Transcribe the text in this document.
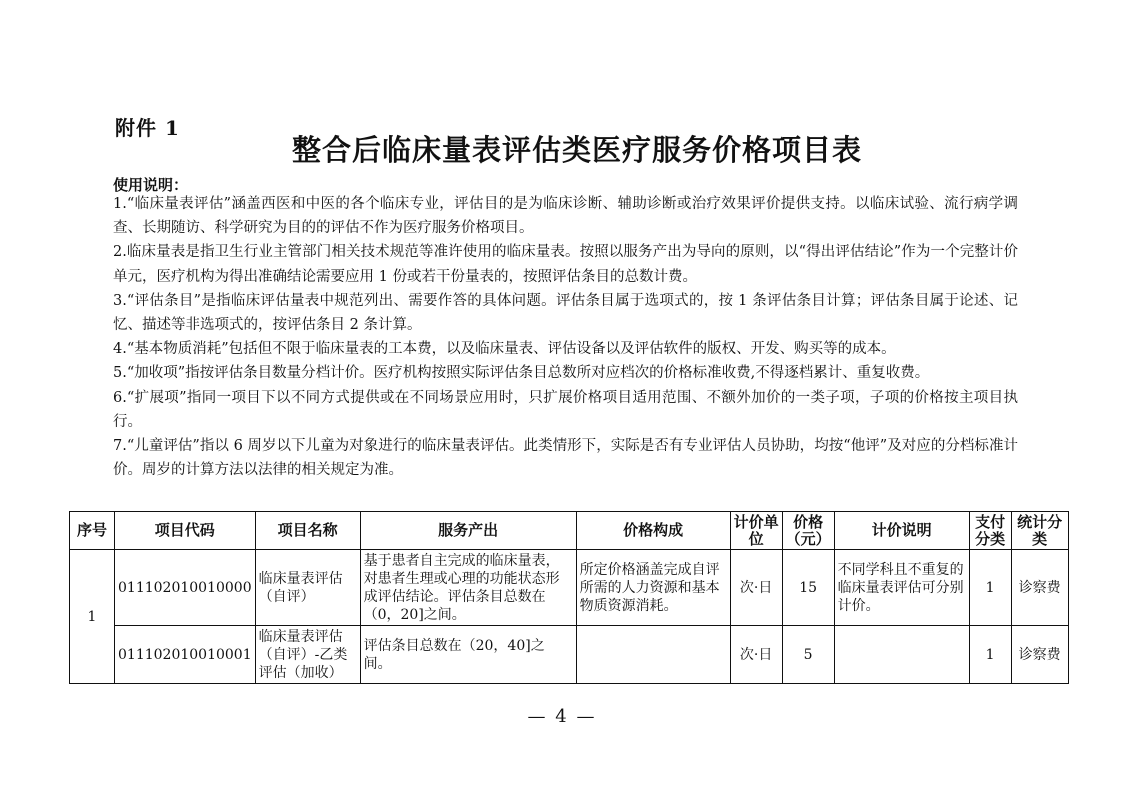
附件 1
整合后临床量表评估类医疗服务价格项目表
使用说明：

1.“临床量表评估”涵盖西医和中医的各个临床专业，评估目的是为临床诊断、辅助诊断或治疗效果评价提供支持。以临床试验、流行病学调查、长期随访、科学研究为目的的评估不作为医疗服务价格项目。

2.临床量表是指卫生行业主管部门相关技术规范等准许使用的临床量表。按照以服务产出为导向的原则，以“得出评估结论”作为一个完整计价单元，医疗机构为得出准确结论需要应用 1 份或若干份量表的，按照评估条目的总数计费。

3.“评估条目”是指临床评估量表中规范列出、需要作答的具体问题。评估条目属于选项式的，按 1 条评估条目计算；评估条目属于论述、记忆、描述等非选项式的，按评估条目 2 条计算。

4.“基本物质消耗”包括但不限于临床量表的工本费，以及临床量表、评估设备以及评估软件的版权、开发、购买等的成本。

5.“加收项”指按评估条目数量分档计价。医疗机构按照实际评估条目总数所对应档次的价格标准收费,不得逐档累计、重复收费。

6.“扩展项”指同一项目下以不同方式提供或在不同场景应用时，只扩展价格项目适用范围、不额外加价的一类子项，子项的价格按主项目执行。

7.“儿童评估”指以 6 周岁以下儿童为对象进行的临床量表评估。此类情形下，实际是否有专业评估人员协助，均按“他评”及对应的分档标准计价。周岁的计算方法以法律的相关规定为准。

序号	项目代码	项目名称	服务产出	价格构成	计价单位	价格（元）	计价说明	支付分类	统计分类
1	011102010010000	临床量表评估（自评）	基于患者自主完成的临床量表，对患者生理或心理的功能状态形成评估结论。评估条目总数在（0，20]之间。	所定价格涵盖完成自评所需的人力资源和基本物质资源消耗。	次·日	15	不同学科且不重复的临床量表评估可分别计价。	1	诊察费
	011102010010001	临床量表评估（自评）-乙类评估（加收）	评估条目总数在（20，40]之间。		次·日	5		1	诊察费
— 4 —
